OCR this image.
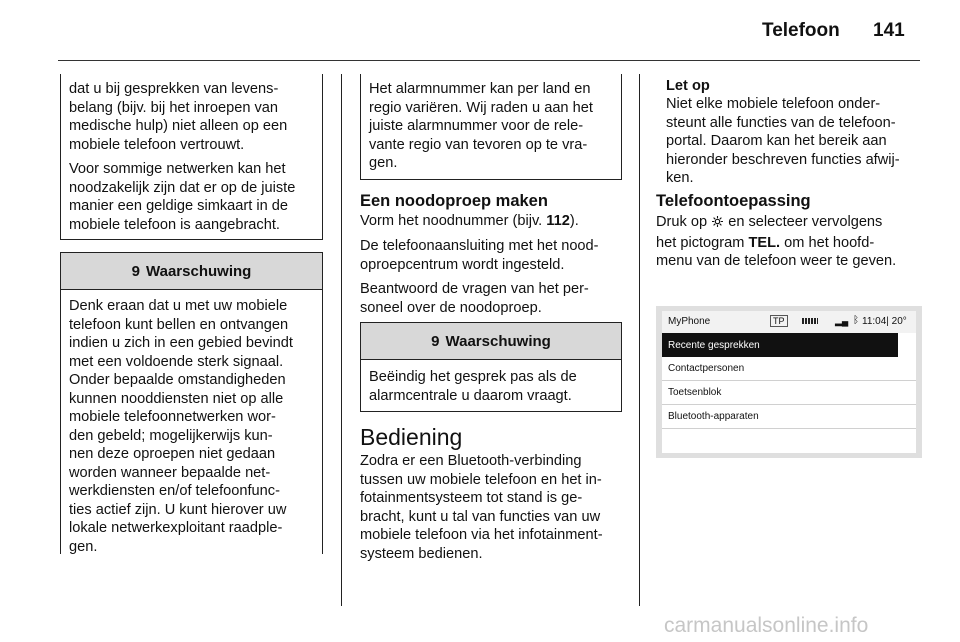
Telefoon 141
dat u bij gesprekken van levens-
belang (bijv. bij het inroepen van
medische hulp) niet alleen op een
mobiele telefoon vertrouwt.
Voor sommige netwerken kan het
noodzakelijk zijn dat er op de juiste
manier een geldige simkaart in de
mobiele telefoon is aangebracht.
9 Waarschuwing
Denk eraan dat u met uw mobiele
telefoon kunt bellen en ontvangen
indien u zich in een gebied bevindt
met een voldoende sterk signaal.
Onder bepaalde omstandigheden
kunnen nooddiensten niet op alle
mobiele telefoonnetwerken wor-
den gebeld; mogelijkerwijs kun-
nen deze oproepen niet gedaan
worden wanneer bepaalde net-
werkdiensten en/of telefoonfunc-
ties actief zijn. U kunt hierover uw
lokale netwerkexploitant raadple-
gen.
Het alarmnummer kan per land en
regio variëren. Wij raden u aan het
juiste alarmnummer voor de rele-
vante regio van tevoren op te vra-
gen.
Een noodoproep maken
Vorm het noodnummer (bijv. 112).
De telefoonaansluiting met het nood-
oproepcentrum wordt ingesteld.
Beantwoord de vragen van het per-
soneel over de noodoproep.
9 Waarschuwing
Beëindig het gesprek pas als de
alarmcentrale u daarom vraagt.
Bediening
Zodra er een Bluetooth-verbinding
tussen uw mobiele telefoon en het in-
fotainmentsysteem tot stand is ge-
bracht, kunt u tal van functies van uw
mobiele telefoon via het infotainment-
systeem bedienen.
Let op
Niet elke mobiele telefoon onder-
steunt alle functies van de telefoon-
portal. Daarom kan het bereik aan
hieronder beschreven functies afwij-
ken.
Telefoontoepassing
Druk op  en selecteer vervolgens
het pictogram TEL. om het hoofd-
menu van de telefoon weer te geven.
MyPhone	TP	▂▄ ᛒ 11:04| 20°
Recente gesprekken
Contactpersonen
Toetsenblok
Bluetooth-apparaten
carmanualsonline.info
